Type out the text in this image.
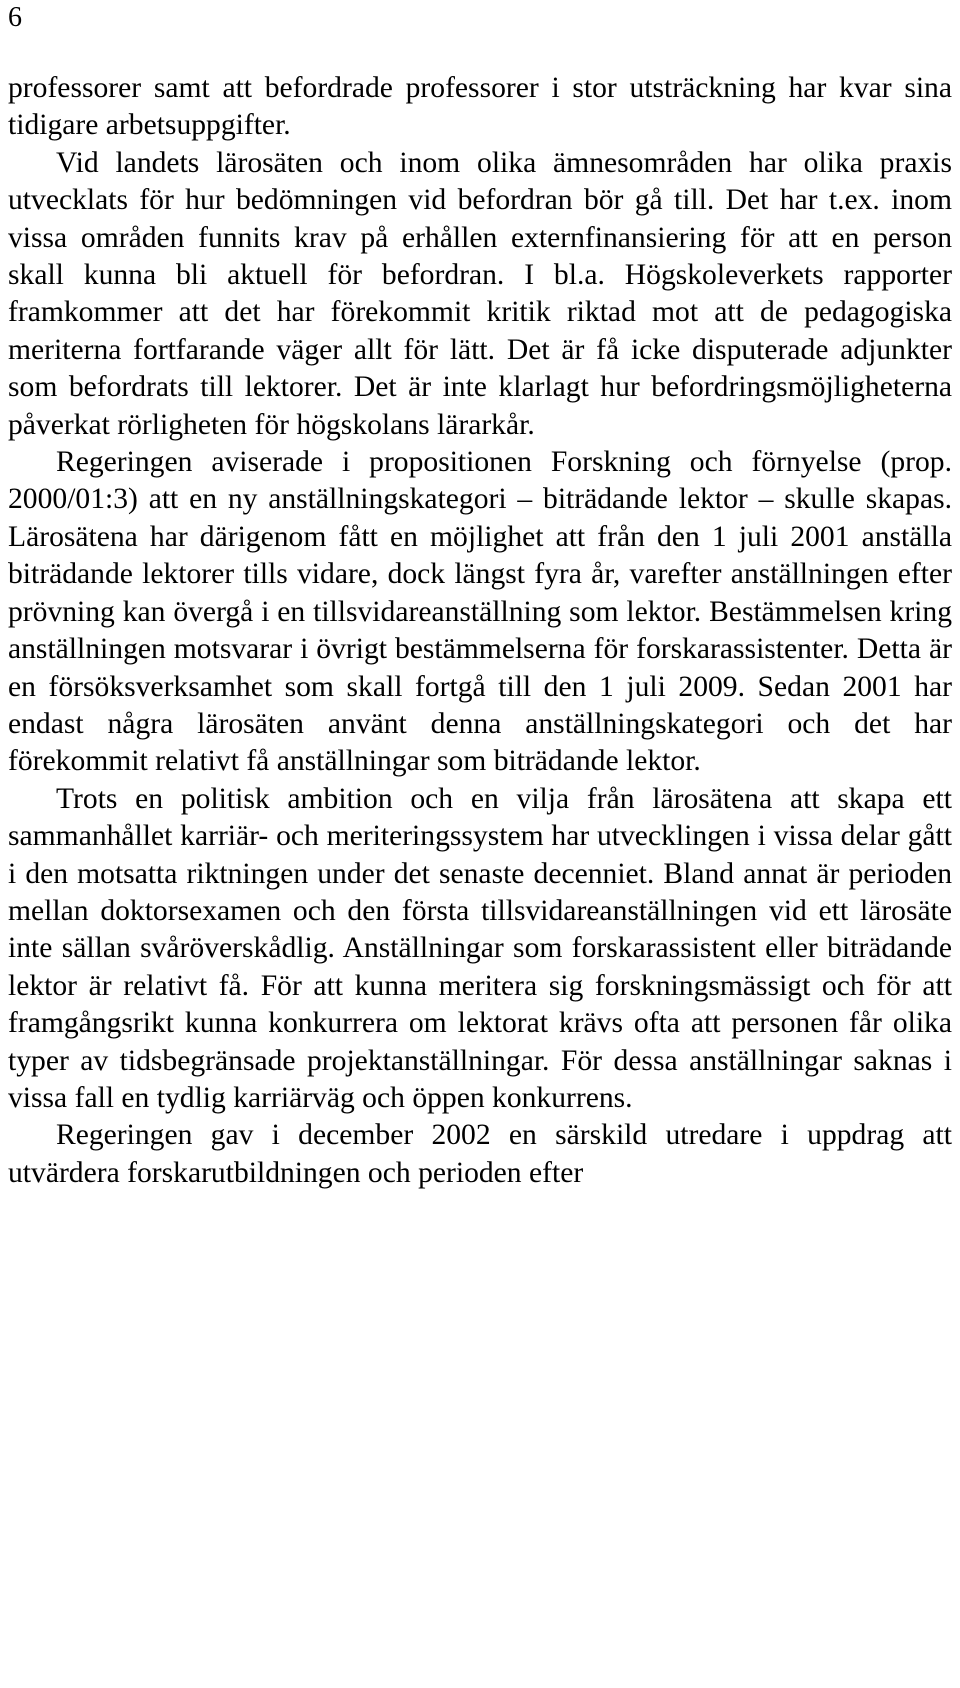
6

professorer samt att befordrade professorer i stor utsträckning har kvar sina tidigare arbetsuppgifter.

Vid landets lärosäten och inom olika ämnesområden har olika praxis utvecklats för hur bedömningen vid befordran bör gå till. Det har t.ex. inom vissa områden funnits krav på erhållen externfinansiering för att en person skall kunna bli aktuell för befordran. I bl.a. Högskoleverkets rapporter framkommer att det har förekommit kritik riktad mot att de pedagogiska meriterna fortfarande väger allt för lätt. Det är få icke disputerade adjunkter som befordrats till lektorer. Det är inte klarlagt hur befordringsmöjligheterna påverkat rörligheten för högskolans lärarkår.

Regeringen aviserade i propositionen Forskning och förnyelse (prop. 2000/01:3) att en ny anställningskategori – biträdande lektor – skulle skapas. Lärosätena har därigenom fått en möjlighet att från den 1 juli 2001 anställa biträdande lektorer tills vidare, dock längst fyra år, varefter anställningen efter prövning kan övergå i en tillsvidareanställning som lektor. Bestämmelsen kring anställningen motsvarar i övrigt bestämmelserna för forskarassistenter. Detta är en försöksverksamhet som skall fortgå till den 1 juli 2009. Sedan 2001 har endast några lärosäten använt denna anställningskategori och det har förekommit relativt få anställningar som biträdande lektor.

Trots en politisk ambition och en vilja från lärosätena att skapa ett sammanhållet karriär- och meriteringssystem har utvecklingen i vissa delar gått i den motsatta riktningen under det senaste decenniet. Bland annat är perioden mellan doktorsexamen och den första tillsvidareanställningen vid ett lärosäte inte sällan svåröverskådlig. Anställningar som forskarassistent eller biträdande lektor är relativt få. För att kunna meritera sig forskningsmässigt och för att framgångsrikt kunna konkurrera om lektorat krävs ofta att personen får olika typer av tidsbegränsade projektanställningar. För dessa anställningar saknas i vissa fall en tydlig karriärväg och öppen konkurrens.

Regeringen gav i december 2002 en särskild utredare i uppdrag att utvärdera forskarutbildningen och perioden efter
